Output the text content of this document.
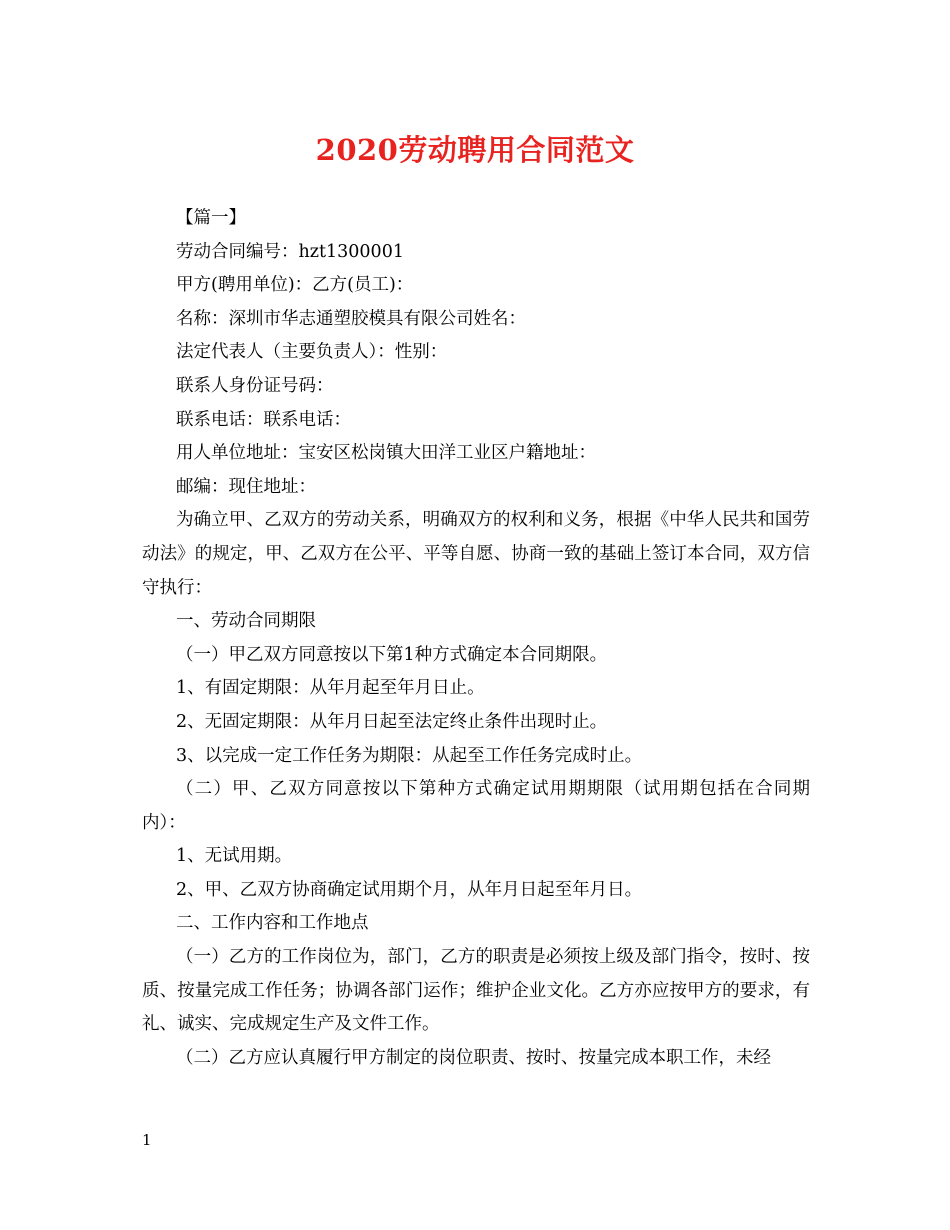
2020劳动聘用合同范文

【篇一】

劳动合同编号：hzt1300001

甲方(聘用单位)：乙方(员工)：

名称：深圳市华志通塑胶模具有限公司姓名：

法定代表人（主要负责人）：性别：

联系人身份证号码：

联系电话：联系电话：

用人单位地址：宝安区松岗镇大田洋工业区户籍地址：

邮编：现住地址：

为确立甲、乙双方的劳动关系，明确双方的权利和义务，根据《中华人民共和国劳动法》的规定，甲、乙双方在公平、平等自愿、协商一致的基础上签订本合同，双方信守执行：

一、劳动合同期限

（一）甲乙双方同意按以下第1种方式确定本合同期限。

1、有固定期限：从年月起至年月日止。

2、无固定期限：从年月日起至法定终止条件出现时止。

3、以完成一定工作任务为期限：从起至工作任务完成时止。

（二）甲、乙双方同意按以下第种方式确定试用期期限（试用期包括在合同期内）：

1、无试用期。

2、甲、乙双方协商确定试用期个月，从年月日起至年月日。

二、工作内容和工作地点

（一）乙方的工作岗位为，部门，乙方的职责是必须按上级及部门指令，按时、按质、按量完成工作任务；协调各部门运作；维护企业文化。乙方亦应按甲方的要求，有礼、诚实、完成规定生产及文件工作。

（二）乙方应认真履行甲方制定的岗位职责、按时、按量完成本职工作，未经

1
